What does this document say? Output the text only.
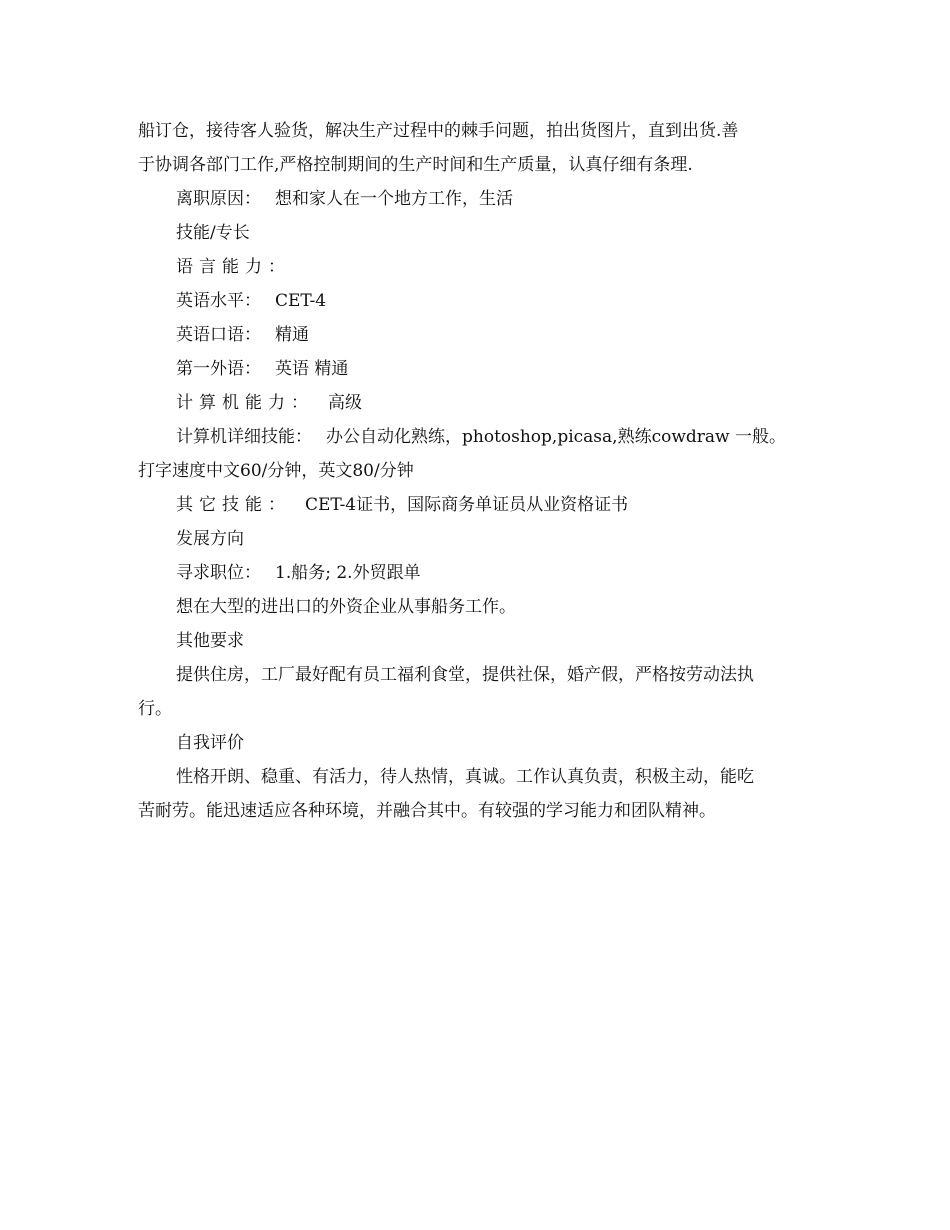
船订仓，接待客人验货，解决生产过程中的棘手问题，拍出货图片，直到出货.善
于协调各部门工作,严格控制期间的生产时间和生产质量，认真仔细有条理.
离职原因： 想和家人在一个地方工作，生活
技能/专长
语言能力：
英语水平： CET-4
英语口语： 精通
第一外语： 英语 精通
计算机能力： 高级
计算机详细技能： 办公自动化熟练，photoshop,picasa,熟练cowdraw 一般。
打字速度中文60/分钟，英文80/分钟
其它技能： CET-4证书，国际商务单证员从业资格证书
发展方向
寻求职位： 1.船务; 2.外贸跟单
想在大型的进出口的外资企业从事船务工作。
其他要求
提供住房，工厂最好配有员工福利食堂，提供社保，婚产假，严格按劳动法执
行。
自我评价
性格开朗、稳重、有活力，待人热情，真诚。工作认真负责，积极主动，能吃
苦耐劳。能迅速适应各种环境，并融合其中。有较强的学习能力和团队精神。
